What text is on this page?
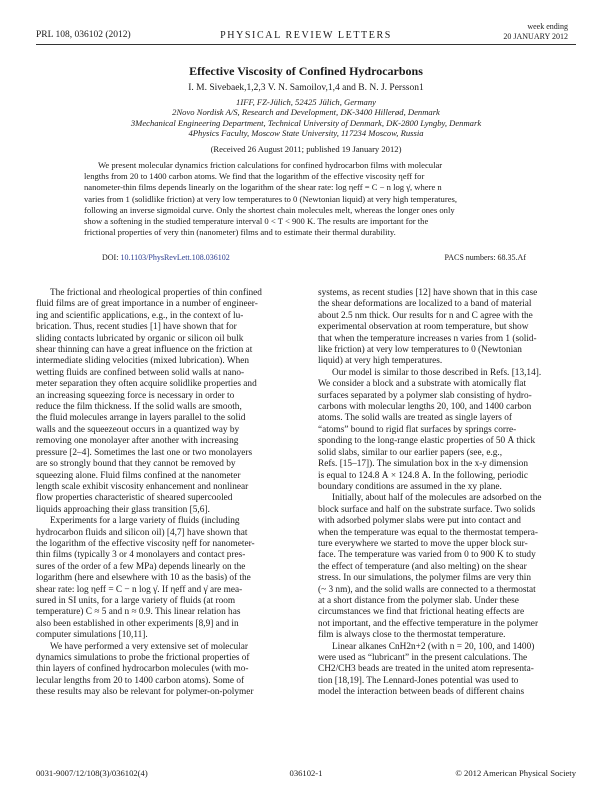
PRL 108, 036102 (2012)	PHYSICAL REVIEW LETTERS
week ending
20 JANUARY 2012
Effective Viscosity of Confined Hydrocarbons
I. M. Sivebaek,1,2,3 V. N. Samoilov,1,4 and B. N. J. Persson1
1IFF, FZ-Jülich, 52425 Jülich, Germany
2Novo Nordisk A/S, Research and Development, DK-3400 Hillerød, Denmark
3Mechanical Engineering Department, Technical University of Denmark, DK-2800 Lyngby, Denmark
4Physics Faculty, Moscow State University, 117234 Moscow, Russia
(Received 26 August 2011; published 19 January 2012)
We present molecular dynamics friction calculations for confined hydrocarbon films with molecular
lengths from 20 to 1400 carbon atoms. We find that the logarithm of the effective viscosity ηeff for
nanometer-thin films depends linearly on the logarithm of the shear rate: log ηeff = C − n log γ̇, where n
varies from 1 (solidlike friction) at very low temperatures to 0 (Newtonian liquid) at very high temperatures,
following an inverse sigmoidal curve. Only the shortest chain molecules melt, whereas the longer ones only
show a softening in the studied temperature interval 0 < T < 900 K. The results are important for the
frictional properties of very thin (nanometer) films and to estimate their thermal durability.
DOI: 10.1103/PhysRevLett.108.036102	PACS numbers: 68.35.Af
The frictional and rheological properties of thin confined
fluid films are of great importance in a number of engineer-
ing and scientific applications, e.g., in the context of lu-
brication. Thus, recent studies [1] have shown that for
sliding contacts lubricated by organic or silicon oil bulk
shear thinning can have a great influence on the friction at
intermediate sliding velocities (mixed lubrication). When
wetting fluids are confined between solid walls at nano-
meter separation they often acquire solidlike properties and
an increasing squeezing force is necessary in order to
reduce the film thickness. If the solid walls are smooth,
the fluid molecules arrange in layers parallel to the solid
walls and the squeezeout occurs in a quantized way by
removing one monolayer after another with increasing
pressure [2–4]. Sometimes the last one or two monolayers
are so strongly bound that they cannot be removed by
squeezing alone. Fluid films confined at the nanometer
length scale exhibit viscosity enhancement and nonlinear
flow properties characteristic of sheared supercooled
liquids approaching their glass transition [5,6].
Experiments for a large variety of fluids (including
hydrocarbon fluids and silicon oil) [4,7] have shown that
the logarithm of the effective viscosity ηeff for nanometer-
thin films (typically 3 or 4 monolayers and contact pres-
sures of the order of a few MPa) depends linearly on the
logarithm (here and elsewhere with 10 as the basis) of the
shear rate: log ηeff = C − n log γ̇. If ηeff and γ̇ are mea-
sured in SI units, for a large variety of fluids (at room
temperature) C ≈ 5 and n ≈ 0.9. This linear relation has
also been established in other experiments [8,9] and in
computer simulations [10,11].
We have performed a very extensive set of molecular
dynamics simulations to probe the frictional properties of
thin layers of confined hydrocarbon molecules (with mo-
lecular lengths from 20 to 1400 carbon atoms). Some of
these results may also be relevant for polymer-on-polymer
systems, as recent studies [12] have shown that in this case
the shear deformations are localized to a band of material
about 2.5 nm thick. Our results for n and C agree with the
experimental observation at room temperature, but show
that when the temperature increases n varies from 1 (solid-
like friction) at very low temperatures to 0 (Newtonian
liquid) at very high temperatures.
Our model is similar to those described in Refs. [13,14].
We consider a block and a substrate with atomically flat
surfaces separated by a polymer slab consisting of hydro-
carbons with molecular lengths 20, 100, and 1400 carbon
atoms. The solid walls are treated as single layers of
“atoms” bound to rigid flat surfaces by springs corre-
sponding to the long-range elastic properties of 50 Å thick
solid slabs, similar to our earlier papers (see, e.g.,
Refs. [15–17]). The simulation box in the x-y dimension
is equal to 124.8 Å × 124.8 Å. In the following, periodic
boundary conditions are assumed in the xy plane.
Initially, about half of the molecules are adsorbed on the
block surface and half on the substrate surface. Two solids
with adsorbed polymer slabs were put into contact and
when the temperature was equal to the thermostat tempera-
ture everywhere we started to move the upper block sur-
face. The temperature was varied from 0 to 900 K to study
the effect of temperature (and also melting) on the shear
stress. In our simulations, the polymer films are very thin
(~ 3 nm), and the solid walls are connected to a thermostat
at a short distance from the polymer slab. Under these
circumstances we find that frictional heating effects are
not important, and the effective temperature in the polymer
film is always close to the thermostat temperature.
Linear alkanes CnH2n+2 (with n = 20, 100, and 1400)
were used as “lubricant” in the present calculations. The
CH2/CH3 beads are treated in the united atom representa-
tion [18,19]. The Lennard-Jones potential was used to
model the interaction between beads of different chains
0031-9007/12/108(3)/036102(4)	036102-1	© 2012 American Physical Society
